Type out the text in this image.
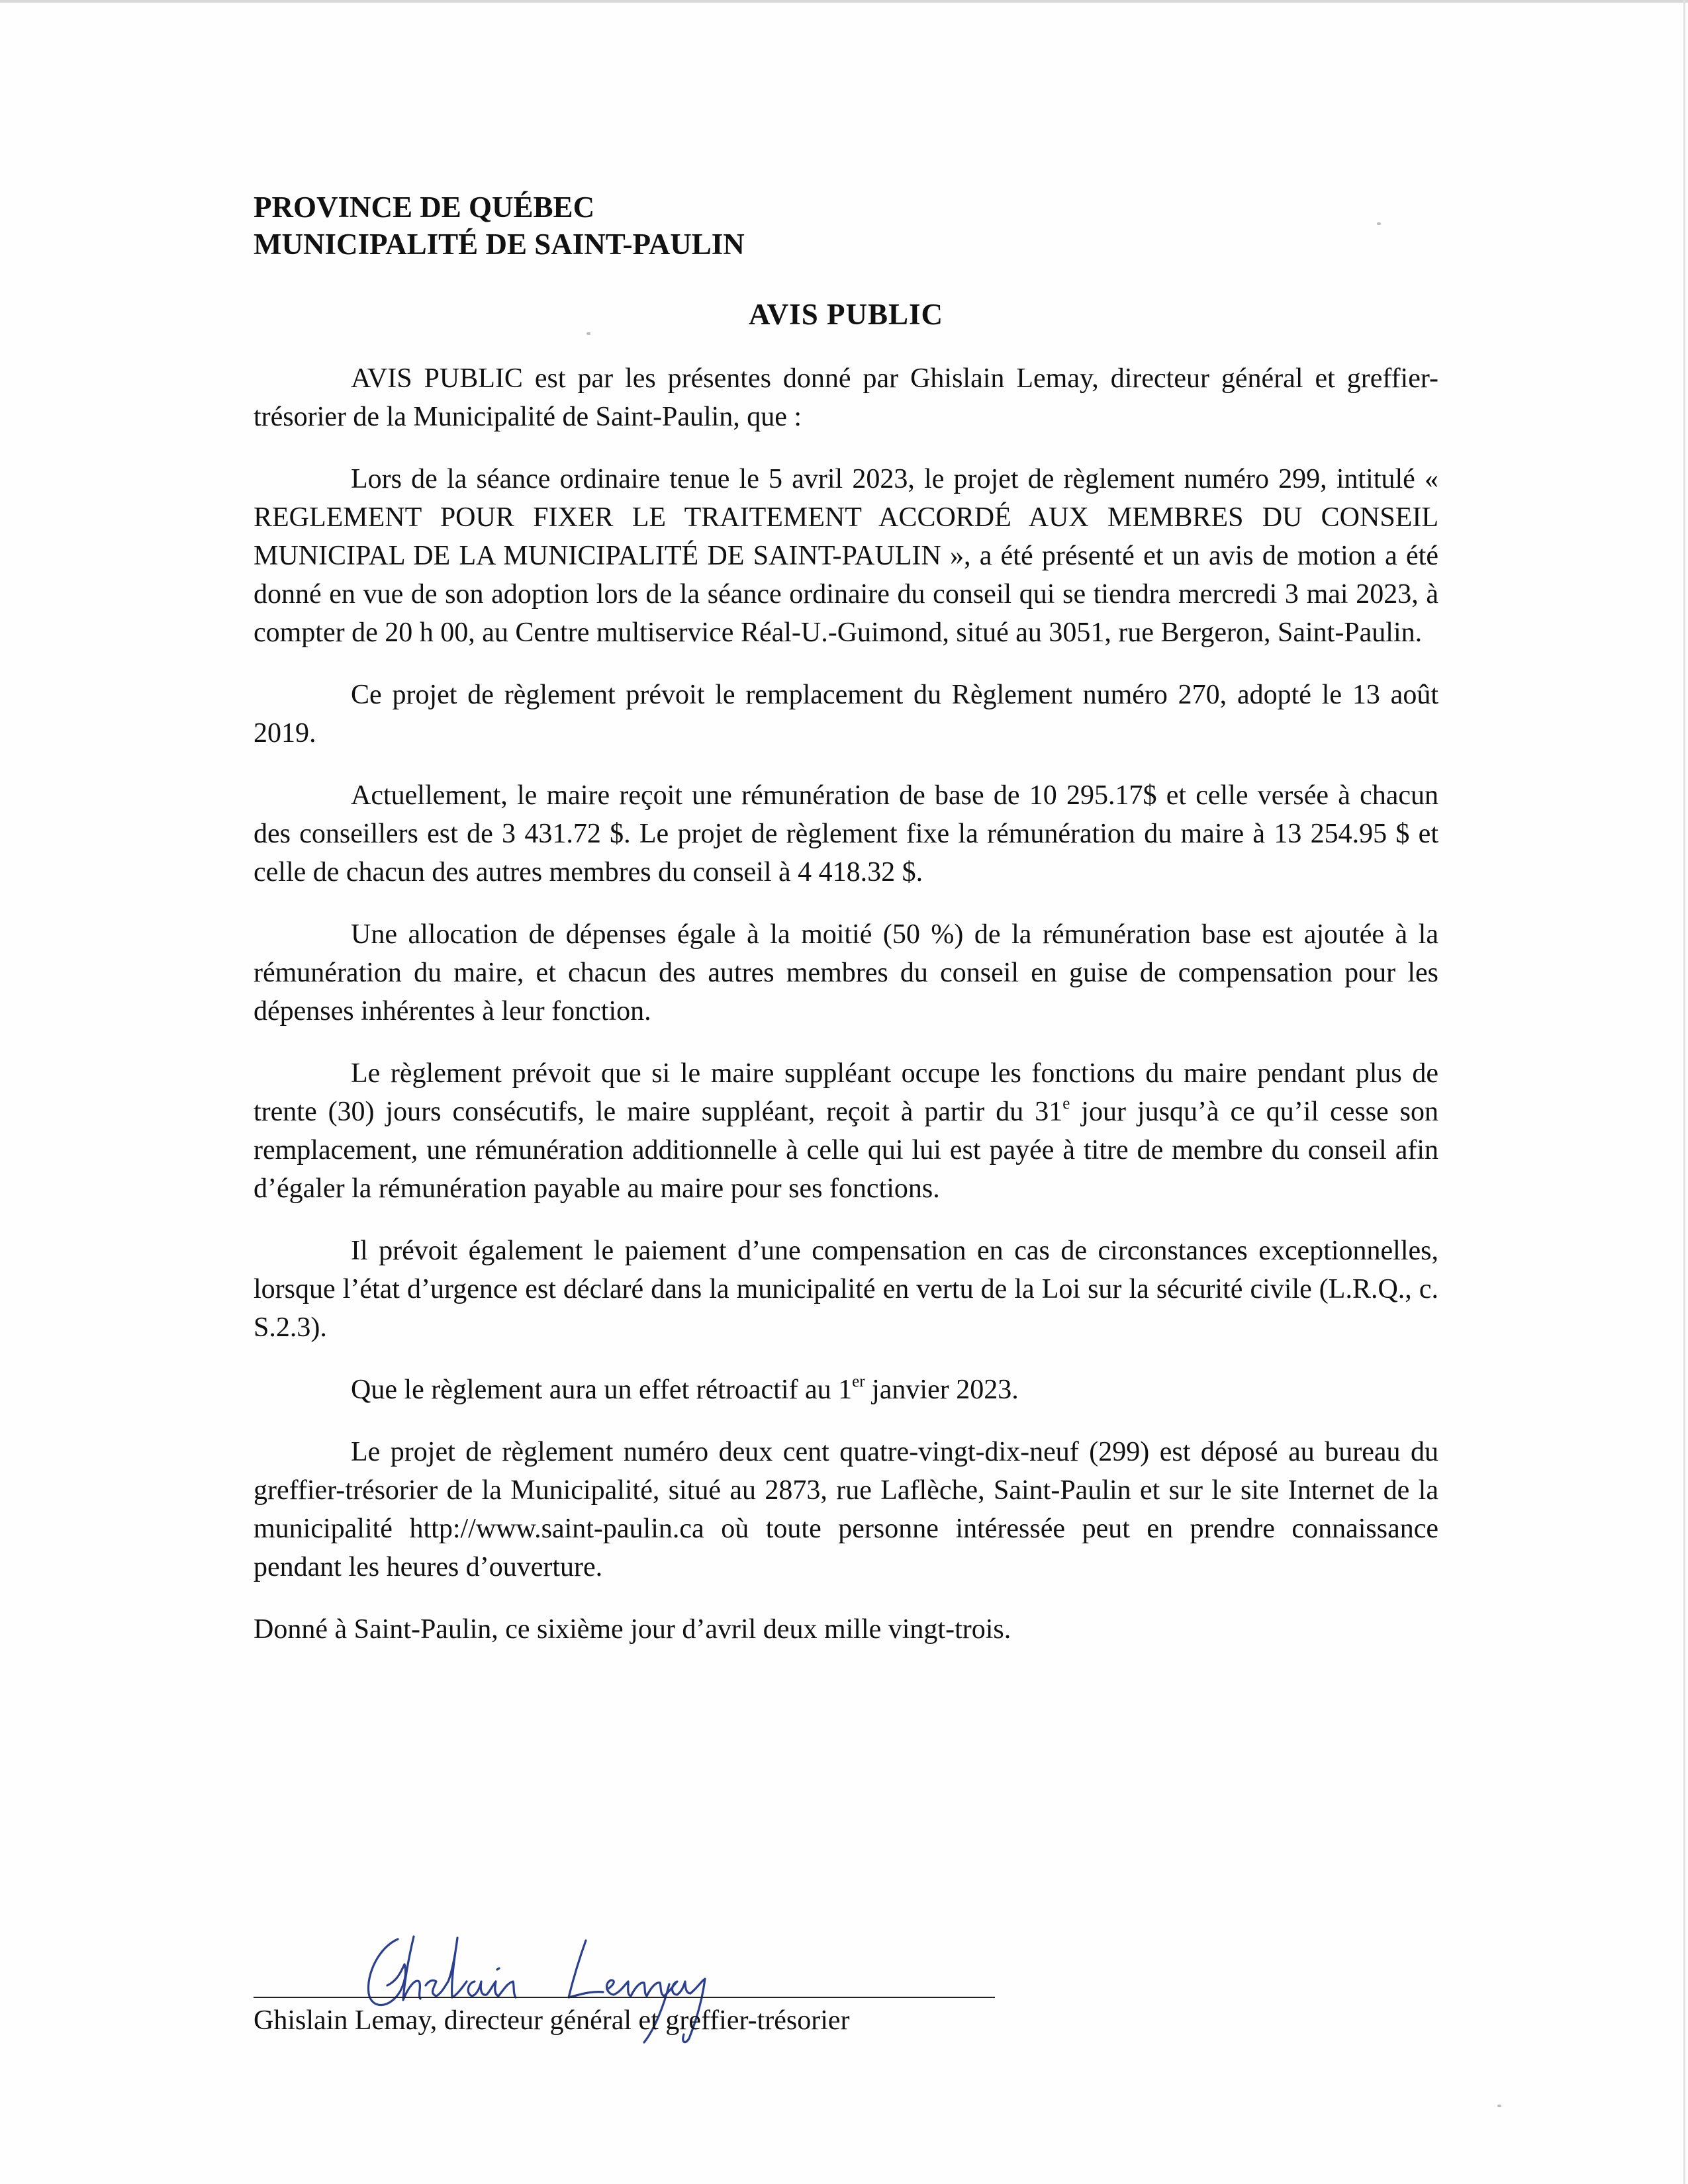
PROVINCE DE QUÉBEC

MUNICIPALITÉ DE SAINT-PAULIN

AVIS PUBLIC

AVIS PUBLIC est par les présentes donné par Ghislain Lemay, directeur général et greffier-trésorier de la Municipalité de Saint-Paulin, que :

Lors de la séance ordinaire tenue le 5 avril 2023, le projet de règlement numéro 299, intitulé « REGLEMENT POUR FIXER LE TRAITEMENT ACCORDÉ AUX MEMBRES DU CONSEIL MUNICIPAL DE LA MUNICIPALITÉ DE SAINT-PAULIN », a été présenté et un avis de motion a été donné en vue de son adoption lors de la séance ordinaire du conseil qui se tiendra mercredi 3 mai 2023, à compter de 20 h 00, au Centre multiservice Réal-U.-Guimond, situé au 3051, rue Bergeron, Saint-Paulin.

Ce projet de règlement prévoit le remplacement du Règlement numéro 270, adopté le 13 août 2019.

Actuellement, le maire reçoit une rémunération de base de 10 295.17$ et celle versée à chacun des conseillers est de 3 431.72 $. Le projet de règlement fixe la rémunération du maire à 13 254.95 $ et celle de chacun des autres membres du conseil à 4 418.32 $.

Une allocation de dépenses égale à la moitié (50 %) de la rémunération base est ajoutée à la rémunération du maire, et chacun des autres membres du conseil en guise de compensation pour les dépenses inhérentes à leur fonction.

Le règlement prévoit que si le maire suppléant occupe les fonctions du maire pendant plus de trente (30) jours consécutifs, le maire suppléant, reçoit à partir du 31e jour jusqu’à ce qu’il cesse son remplacement, une rémunération additionnelle à celle qui lui est payée à titre de membre du conseil afin d’égaler la rémunération payable au maire pour ses fonctions.

Il prévoit également le paiement d’une compensation en cas de circonstances exceptionnelles, lorsque l’état d’urgence est déclaré dans la municipalité en vertu de la Loi sur la sécurité civile (L.R.Q., c. S.2.3).

Que le règlement aura un effet rétroactif au 1er janvier 2023.

Le projet de règlement numéro deux cent quatre-vingt-dix-neuf (299) est déposé au bureau du greffier-trésorier de la Municipalité, situé au 2873, rue Laflèche, Saint-Paulin et sur le site Internet de la municipalité http://www.saint-paulin.ca où toute personne intéressée peut en prendre connaissance pendant les heures d’ouverture.

Donné à Saint-Paulin, ce sixième jour d’avril deux mille vingt-trois.

Ghislain Lemay, directeur général et greffier-trésorier
